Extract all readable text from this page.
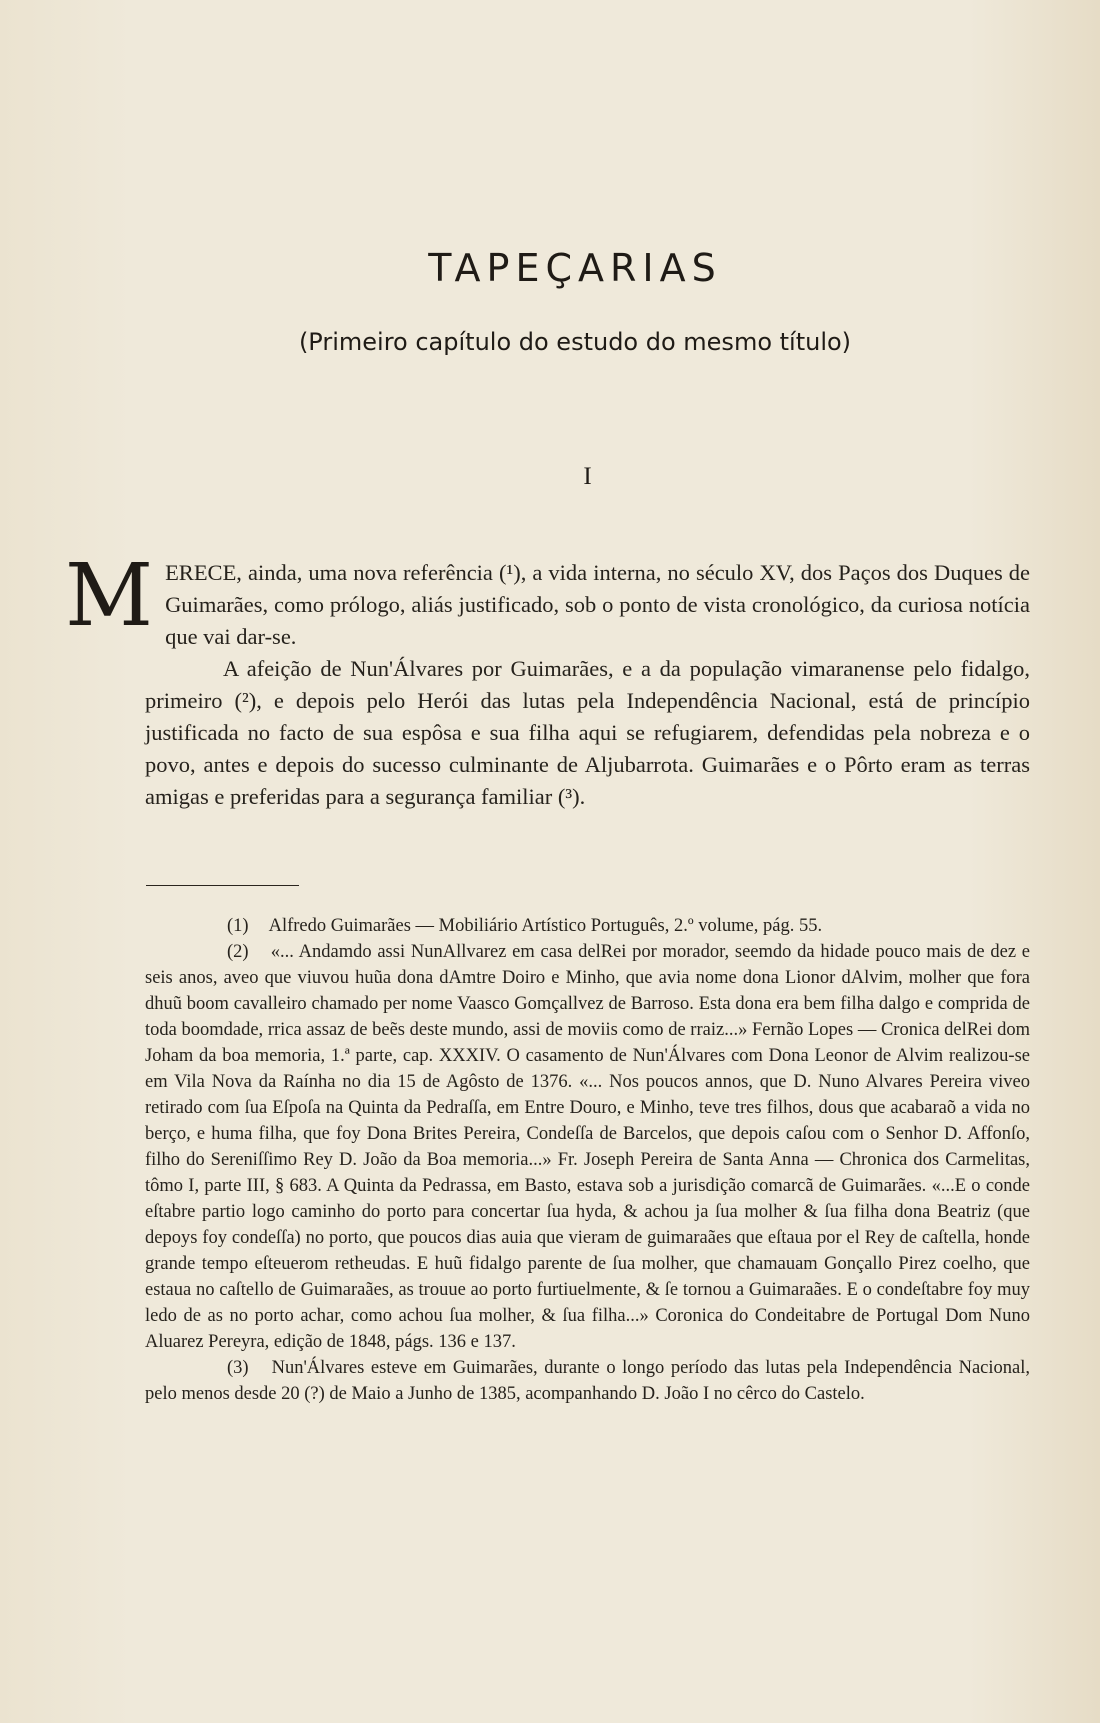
TAPEÇARIAS
(Primeiro capítulo do estudo do mesmo título)
I

MERECE, ainda, uma nova referência (¹), a vida interna, no século XV, dos Paços dos Duques de Guimarães, como prólogo, aliás justificado, sob o ponto de vista cronológico, da curiosa notícia que vai dar-se.

A afeição de Nun'Álvares por Guimarães, e a da população vimaranense pelo fidalgo, primeiro (²), e depois pelo Herói das lutas pela Independência Nacional, está de princípio justificada no facto de sua espôsa e sua filha aqui se refugiarem, defendidas pela nobreza e o povo, antes e depois do sucesso culminante de Aljubarrota. Guimarães e o Pôrto eram as terras amigas e preferidas para a segurança familiar (³).

(1) Alfredo Guimarães — Mobiliário Artístico Português, 2.º volume, pág. 55.

(2) «... Andamdo assi NunAllvarez em casa delRei por morador, seemdo da hidade pouco mais de dez e seis anos, aveo que viuvou huũa dona dAmtre Doiro e Minho, que avia nome dona Lionor dAlvim, molher que fora dhuũ boom cavalleiro chamado per nome Vaasco Gomçallvez de Barroso. Esta dona era bem filha dalgo e comprida de toda boomdade, rrica assaz de beẽs deste mundo, assi de moviis como de rraiz...» Fernão Lopes — Cronica delRei dom Joham da boa memoria, 1.ª parte, cap. XXXIV. O casamento de Nun'Álvares com Dona Leonor de Alvim realizou-se em Vila Nova da Raínha no dia 15 de Agôsto de 1376. «... Nos poucos annos, que D. Nuno Alvares Pereira viveo retirado com ſua Eſpoſa na Quinta da Pedraſſa, em Entre Douro, e Minho, teve tres filhos, dous que acabaraõ a vida no berço, e huma filha, que foy Dona Brites Pereira, Condeſſa de Barcelos, que depois caſou com o Senhor D. Affonſo, filho do Sereniſſimo Rey D. João da Boa memoria...» Fr. Joseph Pereira de Santa Anna — Chronica dos Carmelitas, tômo I, parte III, § 683. A Quinta da Pedrassa, em Basto, estava sob a jurisdição comarcã de Guimarães. «...E o conde eſtabre partio logo caminho do porto para concertar ſua hyda, & achou ja ſua molher & ſua filha dona Beatriz (que depoys foy condeſſa) no porto, que poucos dias auia que vieram de guimaraães que eſtaua por el Rey de caſtella, honde grande tempo eſteuerom retheudas. E huũ fidalgo parente de ſua molher, que chamauam Gonçallo Pirez coelho, que estaua no caſtello de Guimaraães, as trouue ao porto furtiuelmente, & ſe tornou a Guimaraães. E o condeſtabre foy muy ledo de as no porto achar, como achou ſua molher, & ſua filha...» Coronica do Condeitabre de Portugal Dom Nuno Aluarez Pereyra, edição de 1848, págs. 136 e 137.

(3) Nun'Álvares esteve em Guimarães, durante o longo período das lutas pela Independência Nacional, pelo menos desde 20 (?) de Maio a Junho de 1385, acompanhando D. João I no cêrco do Castelo.
